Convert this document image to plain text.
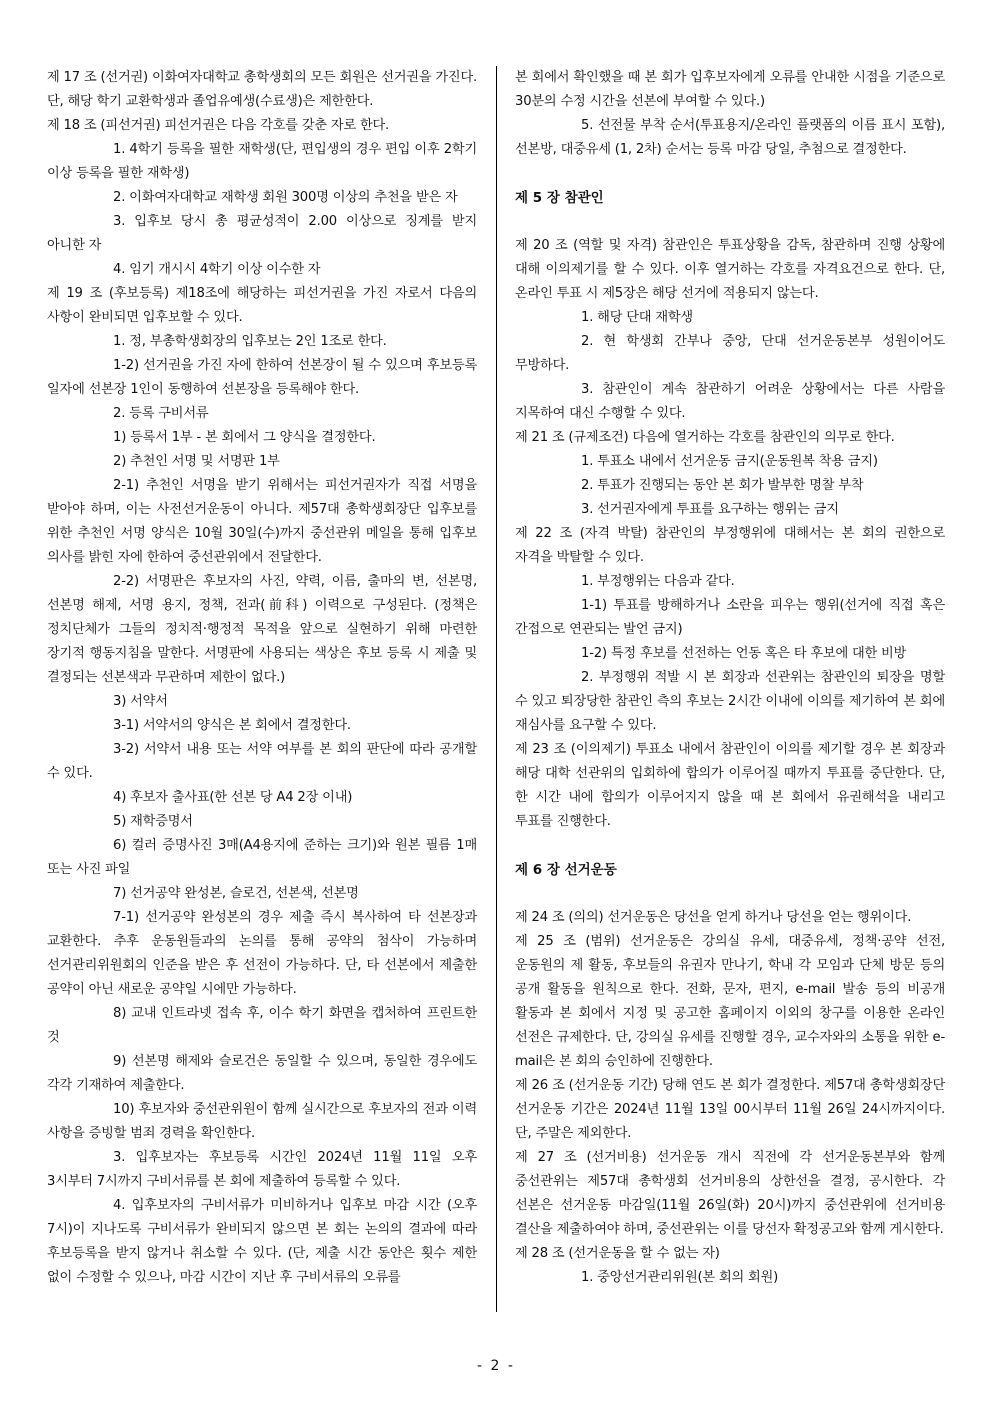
제 17 조 (선거권) 이화여자대학교 총학생회의 모든 회원은 선거권을 가진다. 단, 해당 학기 교환학생과 졸업유예생(수료생)은 제한한다.

제 18 조 (피선거권) 피선거권은 다음 각호를 갖춘 자로 한다.

1. 4학기 등록을 필한 재학생(단, 편입생의 경우 편입 이후 2학기 이상 등록을 필한 재학생)

2. 이화여자대학교 재학생 회원 300명 이상의 추천을 받은 자

3. 입후보 당시 총 평균성적이 2.00 이상으로 징계를 받지 아니한 자

4. 임기 개시시 4학기 이상 이수한 자

제 19 조 (후보등록) 제18조에 해당하는 피선거권을 가진 자로서 다음의 사항이 완비되면 입후보할 수 있다.

1. 정, 부총학생회장의 입후보는 2인 1조로 한다.

1-2) 선거권을 가진 자에 한하여 선본장이 될 수 있으며 후보등록 일자에 선본장 1인이 동행하여 선본장을 등록해야 한다.

2. 등록 구비서류

1) 등록서 1부 - 본 회에서 그 양식을 결정한다.

2) 추천인 서명 및 서명판 1부

2-1) 추천인 서명을 받기 위해서는 피선거권자가 직접 서명을 받아야 하며, 이는 사전선거운동이 아니다. 제57대 총학생회장단 입후보를 위한 추천인 서명 양식은 10월 30일(수)까지 중선관위 메일을 통해 입후보 의사를 밝힌 자에 한하여 중선관위에서 전달한다.

2-2) 서명판은 후보자의 사진, 약력, 이름, 출마의 변, 선본명, 선본명 해제, 서명 용지, 정책, 전과(前科) 이력으로 구성된다. (정책은 정치단체가 그들의 정치적·행정적 목적을 앞으로 실현하기 위해 마련한 장기적 행동지침을 말한다. 서명판에 사용되는 색상은 후보 등록 시 제출 및 결정되는 선본색과 무관하며 제한이 없다.)

3) 서약서

3-1) 서약서의 양식은 본 회에서 결정한다.

3-2) 서약서 내용 또는 서약 여부를 본 회의 판단에 따라 공개할 수 있다.

4) 후보자 출사표(한 선본 당 A4 2장 이내)

5) 재학증명서

6) 컬러 증명사진 3매(A4용지에 준하는 크기)와 원본 필름 1매 또는 사진 파일

7) 선거공약 완성본, 슬로건, 선본색, 선본명

7-1) 선거공약 완성본의 경우 제출 즉시 복사하여 타 선본장과 교환한다. 추후 운동원들과의 논의를 통해 공약의 첨삭이 가능하며 선거관리위원회의 인준을 받은 후 선전이 가능하다. 단, 타 선본에서 제출한 공약이 아닌 새로운 공약일 시에만 가능하다.

8) 교내 인트라넷 접속 후, 이수 학기 화면을 캡처하여 프린트한 것

9) 선본명 해제와 슬로건은 동일할 수 있으며, 동일한 경우에도 각각 기재하여 제출한다.

10) 후보자와 중선관위원이 함께 실시간으로 후보자의 전과 이력 사항을 증빙할 범죄 경력을 확인한다.

3. 입후보자는 후보등록 시간인 2024년 11월 11일 오후 3시부터 7시까지 구비서류를 본 회에 제출하여 등록할 수 있다.

4. 입후보자의 구비서류가 미비하거나 입후보 마감 시간 (오후 7시)이 지나도록 구비서류가 완비되지 않으면 본 회는 논의의 결과에 따라 후보등록을 받지 않거나 취소할 수 있다. (단, 제출 시간 동안은 횟수 제한 없이 수정할 수 있으나, 마감 시간이 지난 후 구비서류의 오류를

본 회에서 확인했을 때 본 회가 입후보자에게 오류를 안내한 시점을 기준으로 30분의 수정 시간을 선본에 부여할 수 있다.)

5. 선전물 부착 순서(투표용지/온라인 플랫폼의 이름 표시 포함), 선본방, 대중유세 (1, 2차) 순서는 등록 마감 당일, 추첨으로 결정한다.

제 5 장 참관인

제 20 조 (역할 및 자격) 참관인은 투표상황을 감독, 참관하며 진행 상황에 대해 이의제기를 할 수 있다. 이후 열거하는 각호를 자격요건으로 한다. 단, 온라인 투표 시 제5장은 해당 선거에 적용되지 않는다.

1. 해당 단대 재학생

2. 현 학생회 간부나 중앙, 단대 선거운동본부 성원이어도 무방하다.

3. 참관인이 계속 참관하기 어려운 상황에서는 다른 사람을 지목하여 대신 수행할 수 있다.

제 21 조 (규제조건) 다음에 열거하는 각호를 참관인의 의무로 한다.

1. 투표소 내에서 선거운동 금지(운동원복 착용 금지)

2. 투표가 진행되는 동안 본 회가 발부한 명찰 부착

3. 선거권자에게 투표를 요구하는 행위는 금지

제 22 조 (자격 박탈) 참관인의 부정행위에 대해서는 본 회의 권한으로 자격을 박탈할 수 있다.

1. 부정행위는 다음과 같다.

1-1) 투표를 방해하거나 소란을 피우는 행위(선거에 직접 혹은 간접으로 연관되는 발언 금지)

1-2) 특정 후보를 선전하는 언동 혹은 타 후보에 대한 비방

2. 부정행위 적발 시 본 회장과 선관위는 참관인의 퇴장을 명할 수 있고 퇴장당한 참관인 측의 후보는 2시간 이내에 이의를 제기하여 본 회에 재심사를 요구할 수 있다.

제 23 조 (이의제기) 투표소 내에서 참관인이 이의를 제기할 경우 본 회장과 해당 대학 선관위의 입회하에 합의가 이루어질 때까지 투표를 중단한다. 단, 한 시간 내에 합의가 이루어지지 않을 때 본 회에서 유권해석을 내리고 투표를 진행한다.

제 6 장 선거운동

제 24 조 (의의) 선거운동은 당선을 얻게 하거나 당선을 얻는 행위이다.

제 25 조 (범위) 선거운동은 강의실 유세, 대중유세, 정책·공약 선전, 운동원의 제 활동, 후보들의 유권자 만나기, 학내 각 모임과 단체 방문 등의 공개 활동을 원칙으로 한다. 전화, 문자, 편지, e-mail 발송 등의 비공개 활동과 본 회에서 지정 및 공고한 홈페이지 이외의 창구를 이용한 온라인 선전은 규제한다. 단, 강의실 유세를 진행할 경우, 교수자와의 소통을 위한 e-mail은 본 회의 승인하에 진행한다.

제 26 조 (선거운동 기간) 당해 연도 본 회가 결정한다. 제57대 총학생회장단 선거운동 기간은 2024년 11월 13일 00시부터 11월 26일 24시까지이다. 단, 주말은 제외한다.

제 27 조 (선거비용) 선거운동 개시 직전에 각 선거운동본부와 함께 중선관위는 제57대 총학생회 선거비용의 상한선을 결정, 공시한다. 각 선본은 선거운동 마감일(11월 26일(화) 20시)까지 중선관위에 선거비용 결산을 제출하여야 하며, 중선관위는 이를 당선자 확정공고와 함께 게시한다.

제 28 조 (선거운동을 할 수 없는 자)

1. 중앙선거관리위원(본 회의 회원)

- 2 -
